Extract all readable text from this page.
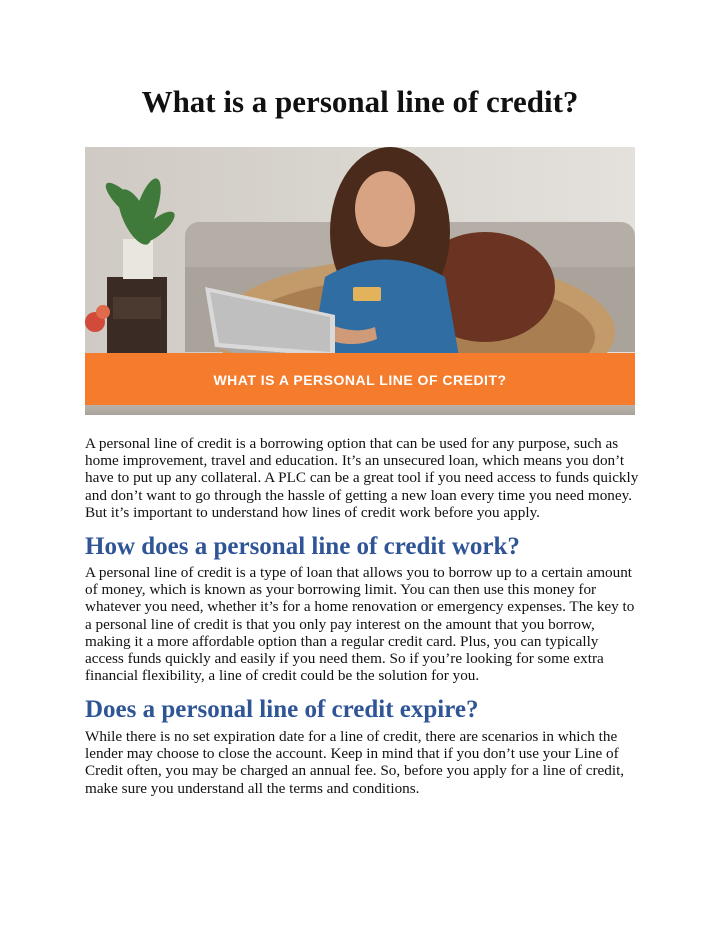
What is a personal line of credit?
WHAT IS A PERSONAL LINE OF CREDIT?

A personal line of credit is a borrowing option that can be used for any purpose, such as home improvement, travel and education. It’s an unsecured loan, which means you don’t have to put up any collateral. A PLC can be a great tool if you need access to funds quickly and don’t want to go through the hassle of getting a new loan every time you need money. But it’s important to understand how lines of credit work before you apply.

How does a personal line of credit work?

A personal line of credit is a type of loan that allows you to borrow up to a certain amount of money, which is known as your borrowing limit. You can then use this money for whatever you need, whether it’s for a home renovation or emergency expenses. The key to a personal line of credit is that you only pay interest on the amount that you borrow, making it a more affordable option than a regular credit card. Plus, you can typically access funds quickly and easily if you need them. So if you’re looking for some extra financial flexibility, a line of credit could be the solution for you.

Does a personal line of credit expire?

While there is no set expiration date for a line of credit, there are scenarios in which the lender may choose to close the account. Keep in mind that if you don’t use your Line of Credit often, you may be charged an annual fee. So, before you apply for a line of credit, make sure you understand all the terms and conditions.
